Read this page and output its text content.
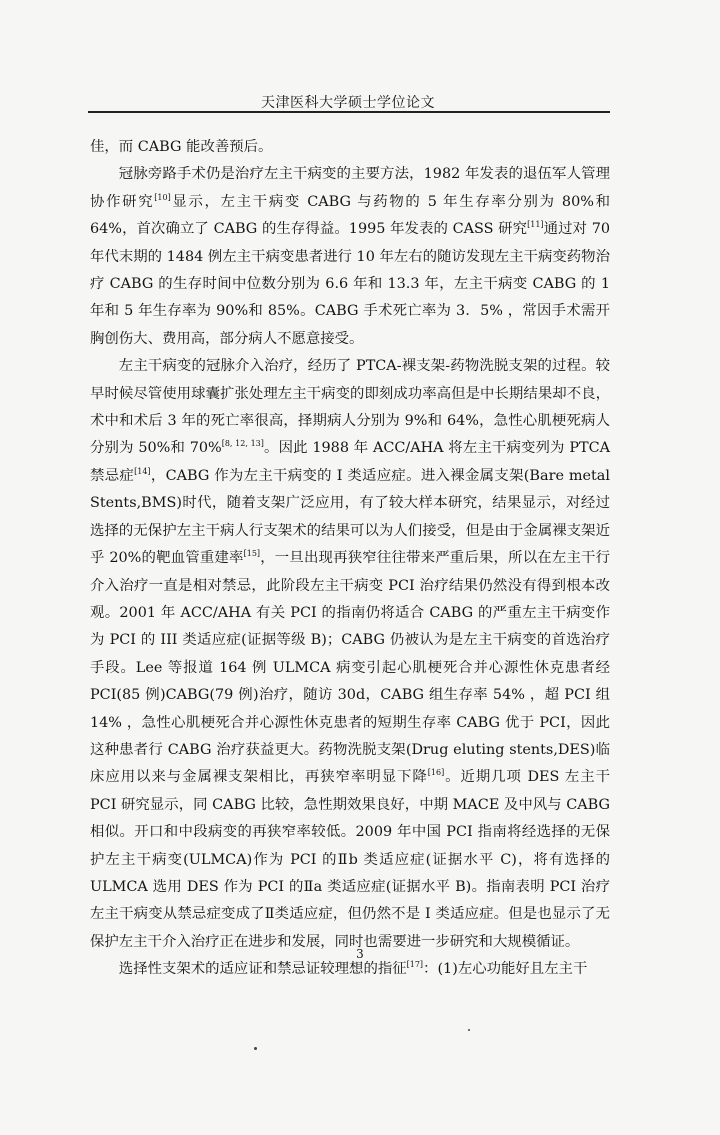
天津医科大学硕士学位论文

佳，而 CABG 能改善预后。

冠脉旁路手术仍是治疗左主干病变的主要方法，1982 年发表的退伍军人管理协作研究[10]显示，左主干病变 CABG 与药物的 5 年生存率分别为 80%和 64%，首次确立了 CABG 的生存得益。1995 年发表的 CASS 研究[11]通过对 70 年代末期的 1484 例左主干病变患者进行 10 年左右的随访发现左主干病变药物治疗 CABG 的生存时间中位数分别为 6.6 年和 13.3 年，左主干病变 CABG 的 1 年和 5 年生存率为 90%和 85%。CABG 手术死亡率为 3．5% ，常因手术需开胸创伤大、费用高，部分病人不愿意接受。

左主干病变的冠脉介入治疗，经历了 PTCA-裸支架-药物洗脱支架的过程。较早时候尽管使用球囊扩张处理左主干病变的即刻成功率高但是中长期结果却不良，术中和术后 3 年的死亡率很高，择期病人分别为 9%和 64%，急性心肌梗死病人分别为 50%和 70%[8, 12, 13]。因此 1988 年 ACC/AHA 将左主干病变列为 PTCA 禁忌症[14]，CABG 作为左主干病变的 I 类适应症。进入裸金属支架(Bare metal Stents,BMS)时代，随着支架广泛应用，有了较大样本研究，结果显示，对经过选择的无保护左主干病人行支架术的结果可以为人们接受，但是由于金属裸支架近乎 20%的靶血管重建率[15]，一旦出现再狭窄往往带来严重后果，所以在左主干行介入治疗一直是相对禁忌，此阶段左主干病变 PCI 治疗结果仍然没有得到根本改观。2001 年 ACC/AHA 有关 PCI 的指南仍将适合 CABG 的严重左主干病变作为 PCI 的 III 类适应症(证据等级 B)；CABG 仍被认为是左主干病变的首选治疗手段。Lee 等报道 164 例 ULMCA 病变引起心肌梗死合并心源性休克患者经 PCI(85 例)CABG(79 例)治疗，随访 30d，CABG 组生存率 54% ，超 PCI 组 14% ，急性心肌梗死合并心源性休克患者的短期生存率 CABG 优于 PCI，因此这种患者行 CABG 治疗获益更大。药物洗脱支架(Drug eluting stents,DES)临床应用以来与金属裸支架相比，再狭窄率明显下降[16]。近期几项 DES 左主干 PCI 研究显示，同 CABG 比较，急性期效果良好，中期 MACE 及中风与 CABG 相似。开口和中段病变的再狭窄率较低。2009 年中国 PCI 指南将经选择的无保护左主干病变(ULMCA)作为 PCI 的Ⅱb 类适应症(证据水平 C)，将有选择的 ULMCA 选用 DES 作为 PCI 的Ⅱa 类适应症(证据水平 B)。指南表明 PCI 治疗左主干病变从禁忌症变成了Ⅱ类适应症，但仍然不是 I 类适应症。但是也显示了无保护左主干介入治疗正在进步和发展，同时也需要进一步研究和大规模循证。

选择性支架术的适应证和禁忌证较理想的指征[17]：(1)左心功能好且左主干

3
